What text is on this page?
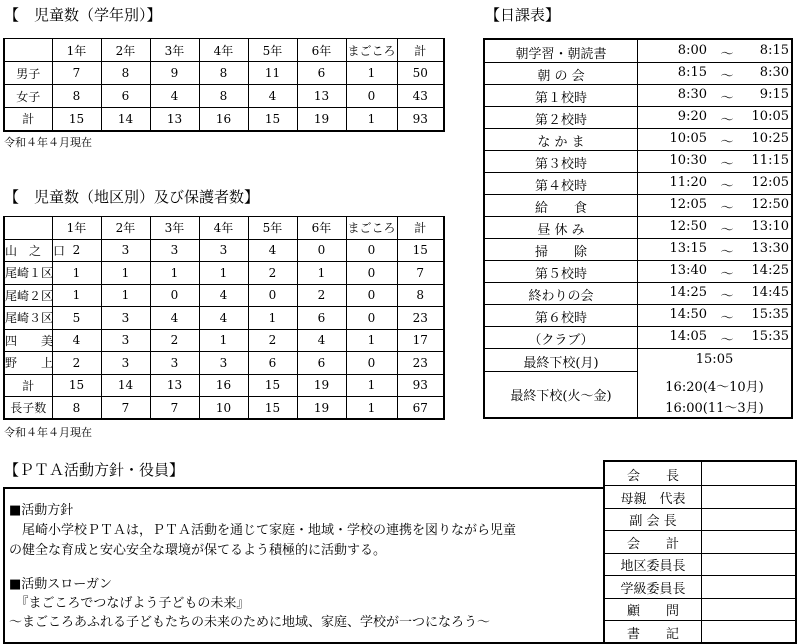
【　児童数（学年別）】
	1年	2年	3年	4年	5年	6年	まごころ	計
男子	7	8	9	8	11	6	1	50
女子	8	6	4	8	4	13	0	43
計	15	14	13	16	15	19	1	93
令和４年４月現在
【　児童数（地区別）及び保護者数】
	1年	2年	3年	4年	5年	6年	まごころ	計
山　之　口	2	3	3	3	4	0	0	15
尾崎１区	1	1	1	1	2	1	0	7
尾崎２区	1	1	0	4	0	2	0	8
尾崎３区	5	3	4	4	1	6	0	23
四　　美	4	3	2	1	2	4	1	17
野　　上	2	3	3	3	6	6	0	23
計	15	14	13	16	15	19	1	93
長子数	8	7	7	10	15	19	1	67
令和４年４月現在
【日課表】
最終下校(月)	15:05
最終下校(火～金)
16:20(4～10月)
16:00(11～3月)
朝学習・朝読書	8:00	～	8:15
朝 の 会	8:15	～	8:30
第１校時	8:30	～	9:15
第２校時	9:20	～	10:05
な か ま	10:05	～	10:25
第３校時	10:30	～	11:15
第４校時	11:20	～	12:05
給　　食	12:05	～	12:50
昼 休 み	12:50	～	13:10
掃　　除	13:15	～	13:30
第５校時	13:40	～	14:25
終わりの会	14:25	～	14:45
第６校時	14:50	～	15:35
（クラブ）	14:05	～	15:35
【ＰＴＡ活動方針・役員】
■活動方針
　尾崎小学校ＰＴＡは，ＰＴＡ活動を通じて家庭・地域・学校の連携を図りながら児童
の健全な育成と安心安全な環境が保てるよう積極的に活動する。
■活動スローガン
　『まごころでつなげよう子どもの未来』
～まごころあふれる子どもたちの未来のために地域、家庭、学校が一つになろう～
会　　長
母親　代表
副 会 長
会　　計
地区委員長
学級委員長
顧　　問
書　　記
